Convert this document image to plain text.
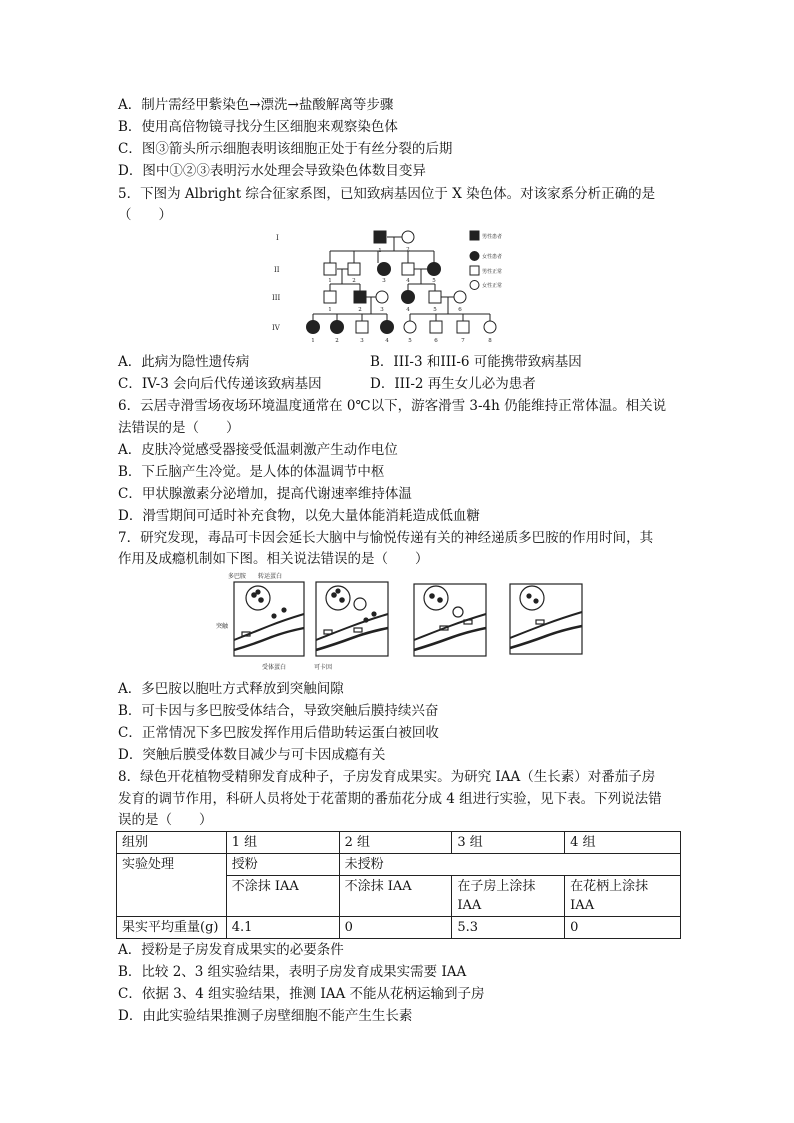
A．制片需经甲紫染色→漂洗→盐酸解离等步骤
B．使用高倍物镜寻找分生区细胞来观察染色体
C．图③箭头所示细胞表明该细胞正处于有丝分裂的后期
D．图中①②③表明污水处理会导致染色体数目变异
5．下图为 Albright 综合征家系图，已知致病基因位于 X 染色体。对该家系分析正确的是
（　　）
I
II
III
IV
男性患者
女性患者
男性正常
女性正常
1	2
1	2	3	4	5
1	2	3	4	5	6
1	2	3	4	5	6	7	8
A．此病为隐性遗传病	B．III-3 和III-6 可能携带致病基因
C．IV-3 会向后代传递该致病基因	D．III-2 再生女儿必为患者
6．云居寺滑雪场夜场环境温度通常在 0℃以下，游客滑雪 3-4h 仍能维持正常体温。相关说
法错误的是（　　）
A．皮肤冷觉感受器接受低温刺激产生动作电位
B．下丘脑产生冷觉。是人体的体温调节中枢
C．甲状腺激素分泌增加，提高代谢速率维持体温
D．滑雪期间可适时补充食物，以免大量体能消耗造成低血糖
7．研究发现，毒品可卡因会延长大脑中与愉悦传递有关的神经递质多巴胺的作用时间，其
作用及成瘾机制如下图。相关说法错误的是（　　）
多巴胺 转运蛋白
突触
受体蛋白	可卡因
A．多巴胺以胞吐方式释放到突触间隙
B．可卡因与多巴胺受体结合，导致突触后膜持续兴奋
C．正常情况下多巴胺发挥作用后借助转运蛋白被回收
D．突触后膜受体数目减少与可卡因成瘾有关
8．绿色开花植物受精卵发育成种子，子房发育成果实。为研究 IAA（生长素）对番茄子房
发育的调节作用，科研人员将处于花蕾期的番茄花分成 4 组进行实验，见下表。下列说法错
误的是（　　）
组别	1 组	2 组	3 组	4 组
实验处理	授粉	未授粉		
	不涂抹 IAA	不涂抹 IAA	在子房上涂抹 IAA	在花柄上涂抹 IAA
果实平均重量(g)	4.1	0	5.3	0
A．授粉是子房发育成果实的必要条件
B．比较 2、3 组实验结果，表明子房发育成果实需要 IAA
C．依据 3、4 组实验结果，推测 IAA 不能从花柄运输到子房
D．由此实验结果推测子房壁细胞不能产生生长素
